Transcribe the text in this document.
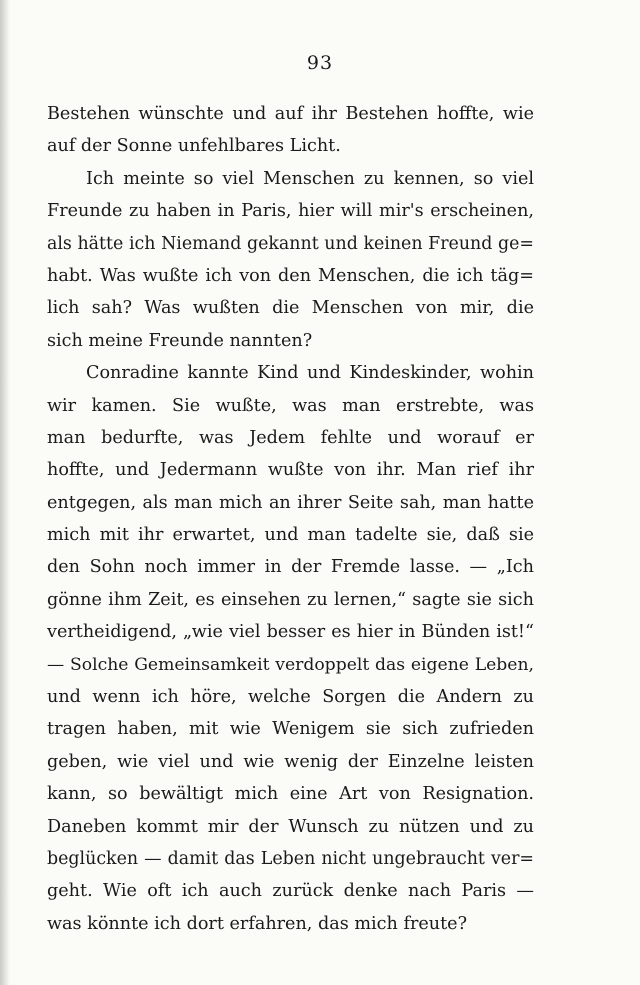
93
Bestehen wünschte und auf ihr Bestehen hoffte, wie
auf der Sonne unfehlbares Licht.
Ich meinte so viel Menschen zu kennen, so viel
Freunde zu haben in Paris, hier will mir's erscheinen,
als hätte ich Niemand gekannt und keinen Freund ge=
habt. Was wußte ich von den Menschen, die ich täg=
lich sah? Was wußten die Menschen von mir, die
sich meine Freunde nannten?
Conradine kannte Kind und Kindeskinder, wohin
wir kamen. Sie wußte, was man erstrebte, was
man bedurfte, was Jedem fehlte und worauf er
hoffte, und Jedermann wußte von ihr. Man rief ihr
entgegen, als man mich an ihrer Seite sah, man hatte
mich mit ihr erwartet, und man tadelte sie, daß sie
den Sohn noch immer in der Fremde lasse. — „Ich
gönne ihm Zeit, es einsehen zu lernen,“ sagte sie sich
vertheidigend, „wie viel besser es hier in Bünden ist!“
— Solche Gemeinsamkeit verdoppelt das eigene Leben,
und wenn ich höre, welche Sorgen die Andern zu
tragen haben, mit wie Wenigem sie sich zufrieden
geben, wie viel und wie wenig der Einzelne leisten
kann, so bewältigt mich eine Art von Resignation.
Daneben kommt mir der Wunsch zu nützen und zu
beglücken — damit das Leben nicht ungebraucht ver=
geht. Wie oft ich auch zurück denke nach Paris —
was könnte ich dort erfahren, das mich freute?
